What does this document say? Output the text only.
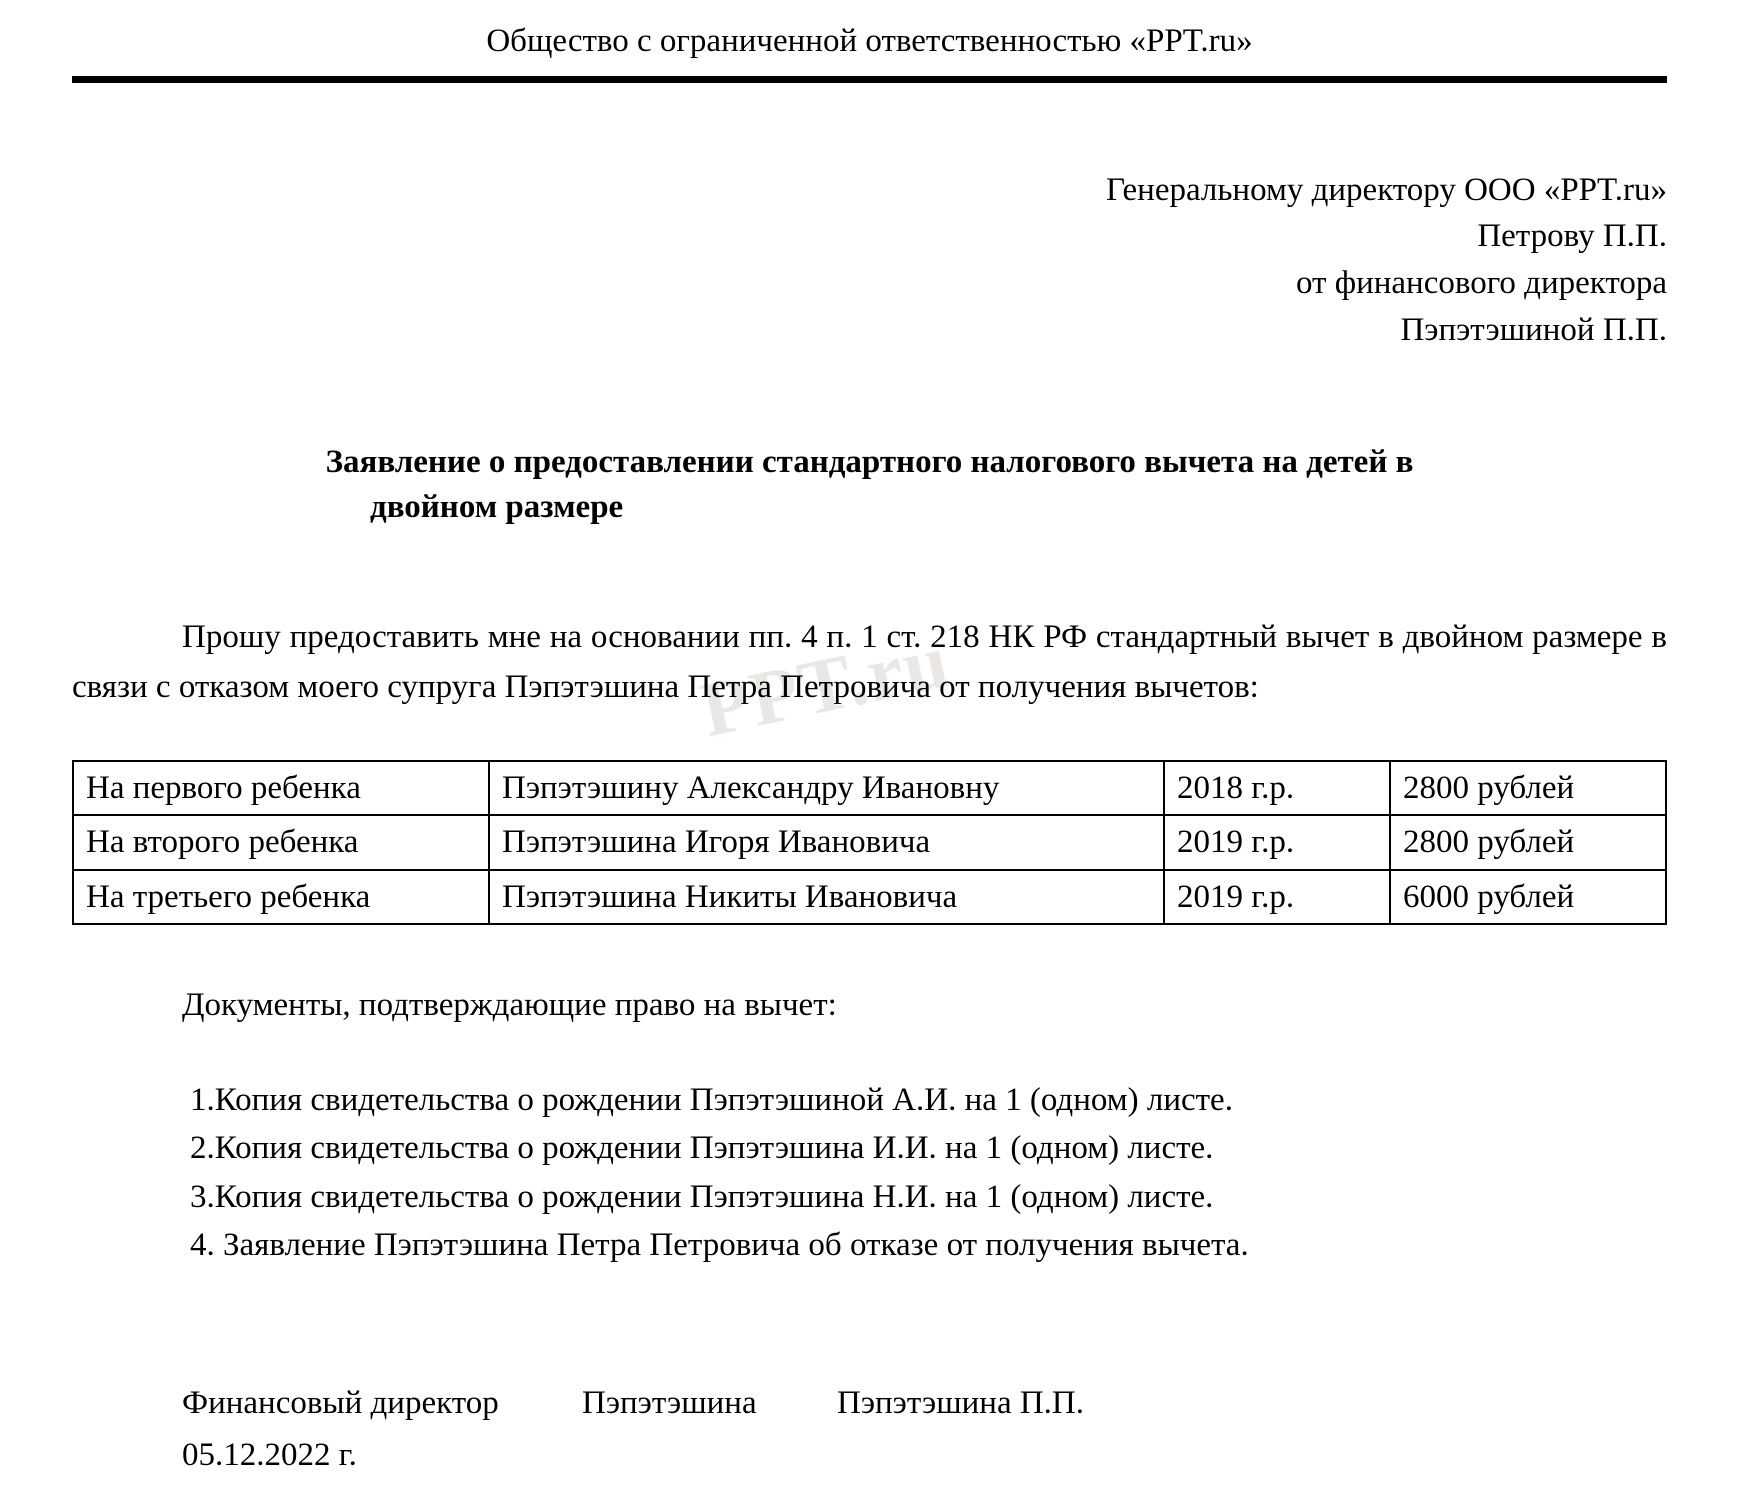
PPT.ru
Общество с ограниченной ответственностью «PPT.ru»
Генеральному директору ООО «PPT.ru»
Петрову П.П.
от финансового директора
Пэпэтэшиной П.П.
Заявление о предоставлении стандартного налогового вычета на детей в
двойном размере

Прошу предоставить мне на основании пп. 4 п. 1 ст. 218 НК РФ стандартный вычет в двойном размере в связи с отказом моего супруга Пэпэтэшина Петра Петровича от получения вычетов:

На первого ребенка	Пэпэтэшину Александру Ивановну	2018 г.р.	2800 рублей
На второго ребенка	Пэпэтэшина Игоря Ивановича	2019 г.р.	2800 рублей
На третьего ребенка	Пэпэтэшина Никиты Ивановича	2019 г.р.	6000 рублей
Документы, подтверждающие право на вычет:
1.Копия свидетельства о рождении Пэпэтэшиной А.И. на 1 (одном) листе.
2.Копия свидетельства о рождении Пэпэтэшина И.И. на 1 (одном) листе.
3.Копия свидетельства о рождении Пэпэтэшина Н.И. на 1 (одном) листе.
4. Заявление Пэпэтэшина Петра Петровича об отказе от получения вычета.
Финансовый директор	Пэпэтэшина	Пэпэтэшина П.П.
05.12.2022 г.
